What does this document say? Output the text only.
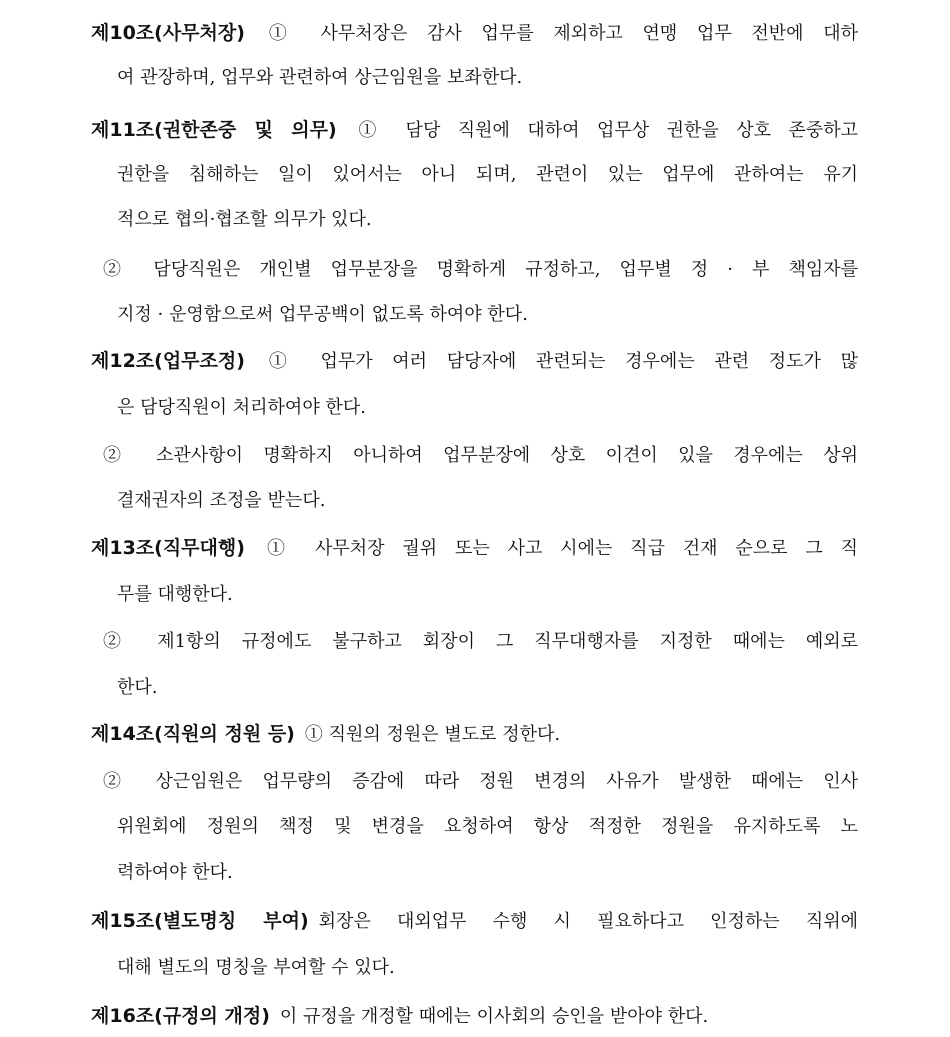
제10조(사무처장) ① 사무처장은 감사 업무를 제외하고 연맹 업무 전반에 대하
여 관장하며, 업무와 관련하여 상근임원을 보좌한다.
제11조(권한존중 및 의무) ① 담당 직원에 대하여 업무상 권한을 상호 존중하고
권한을 침해하는 일이 있어서는 아니 되며, 관련이 있는 업무에 관하여는 유기
적으로 협의·협조할 의무가 있다.
② 담당직원은 개인별 업무분장을 명확하게 규정하고, 업무별 정 · 부 책임자를
지정 · 운영함으로써 업무공백이 없도록 하여야 한다.
제12조(업무조정) ① 업무가 여러 담당자에 관련되는 경우에는 관련 정도가 많
은 담당직원이 처리하여야 한다.
② 소관사항이 명확하지 아니하여 업무분장에 상호 이견이 있을 경우에는 상위
결재권자의 조정을 받는다.
제13조(직무대행) ① 사무처장 궐위 또는 사고 시에는 직급 건재 순으로 그 직
무를 대행한다.
② 제1항의 규정에도 불구하고 회장이 그 직무대행자를 지정한 때에는 예외로
한다.
제14조(직원의 정원 등) ① 직원의 정원은 별도로 정한다.
② 상근임원은 업무량의 증감에 따라 정원 변경의 사유가 발생한 때에는 인사
위원회에 정원의 책정 및 변경을 요청하여 항상 적정한 정원을 유지하도록 노
력하여야 한다.
제15조(별도명칭 부여) 회장은 대외업무 수행 시 필요하다고 인정하는 직위에
대해 별도의 명칭을 부여할 수 있다.
제16조(규정의 개정) 이 규정을 개정할 때에는 이사회의 승인을 받아야 한다.
